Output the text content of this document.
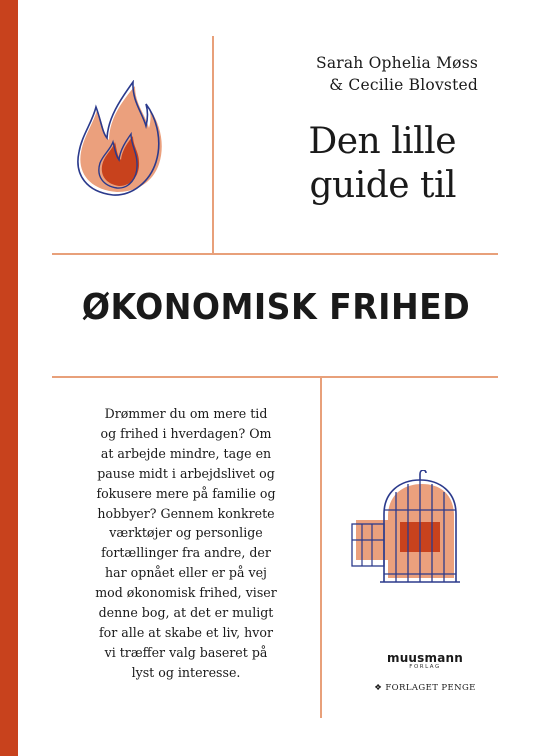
Sarah Ophelia Møss
& Cecilie Blovsted
Den lille
guide til
ØKONOMISK FRIHED
Drømmer du om mere tid
og frihed i hverdagen? Om
at arbejde mindre, tage en
pause midt i arbejdslivet og
fokusere mere på familie og
hobbyer? Gennem konkrete
værktøjer og personlige
fortællinger fra andre, der
har opnået eller er på vej
mod økonomisk frihed, viser
denne bog, at det er muligt
for alle at skabe et liv, hvor
vi træffer valg baseret på
lyst og interesse.
muusmann
FORLAG
❖ FORLAGET PENGE
